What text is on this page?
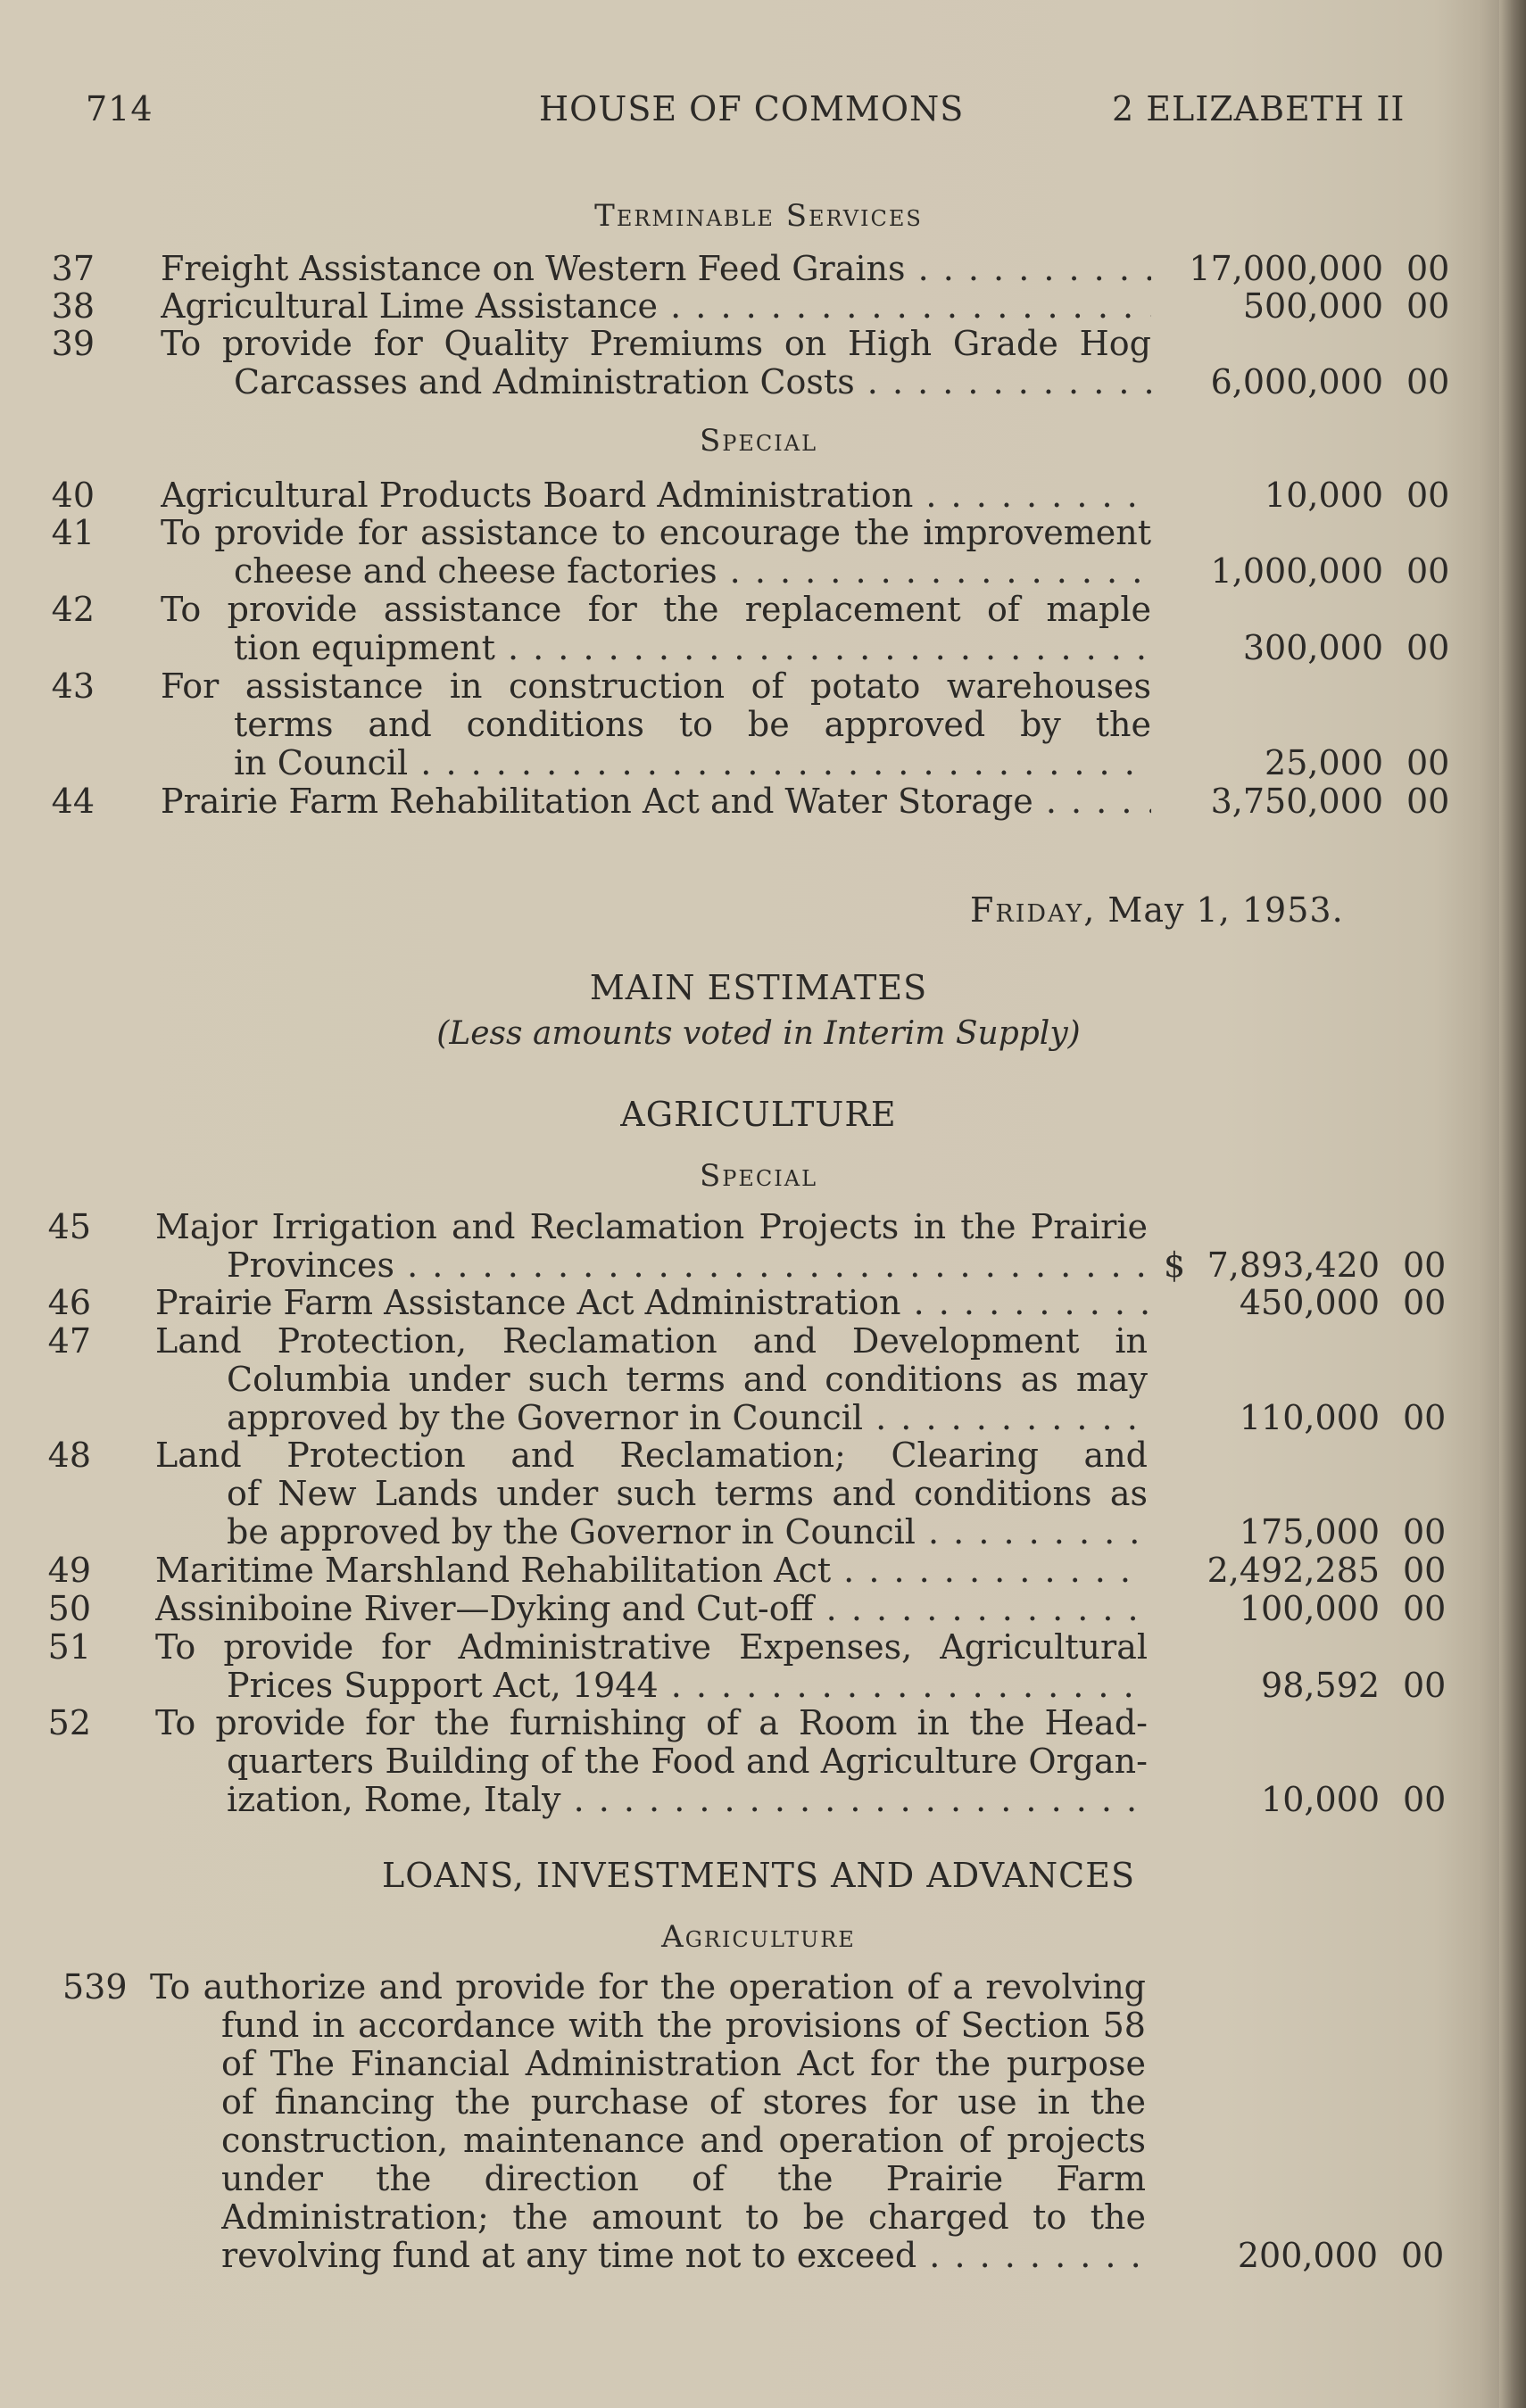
714	HOUSE OF COMMONS	2 ELIZABETH II
Terminable Services
Special
Friday, May 1, 1953.
MAIN ESTIMATES
(Less amounts voted in Interim Supply)
AGRICULTURE
Special
LOANS, INVESTMENTS AND ADVANCES
Agriculture
37 Freight Assistance on Western Feed Grains . . .	17,000,000 00
38 Agricultural Lime Assistance . . .	500,000 00
39 To provide for Quality Premiums on High Grade Hog
Carcasses and Administration Costs . . .	6,000,000 00
40 Agricultural Products Board Administration . . .	10,000 00
41 To provide for assistance to encourage the improvement
cheese and cheese factories . . .	1,000,000 00
42 To provide assistance for the replacement of maple
tion equipment . . .	300,000 00
43 For assistance in construction of potato warehouses
terms and conditions to be approved by the
in Council . . .	25,000 00
44 Prairie Farm Rehabilitation Act and Water Storage . . .	3,750,000 00
45 Major Irrigation and Reclamation Projects in the Prairie
Provinces . . .	$ 7,893,420 00
46 Prairie Farm Assistance Act Administration . . .	450,000 00
47 Land Protection, Reclamation and Development in
Columbia under such terms and conditions as may
approved by the Governor in Council . . .	110,000 00
48 Land Protection and Reclamation; Clearing and
of New Lands under such terms and conditions as
be approved by the Governor in Council . . .	175,000 00
49 Maritime Marshland Rehabilitation Act . . .	2,492,285 00
50 Assiniboine River—Dyking and Cut-off . . .	100,000 00
51 To provide for Administrative Expenses, Agricultural
Prices Support Act, 1944 . . .	98,592 00
52 To provide for the furnishing of a Room in the Head-
quarters Building of the Food and Agriculture Organ-
ization, Rome, Italy . . .	10,000 00
539 To authorize and provide for the operation of a revolving
fund in accordance with the provisions of Section 58
of The Financial Administration Act for the purpose
of financing the purchase of stores for use in the
construction, maintenance and operation of projects
under the direction of the Prairie Farm
Administration; the amount to be charged to the
revolving fund at any time not to exceed . . .	200,000 00
